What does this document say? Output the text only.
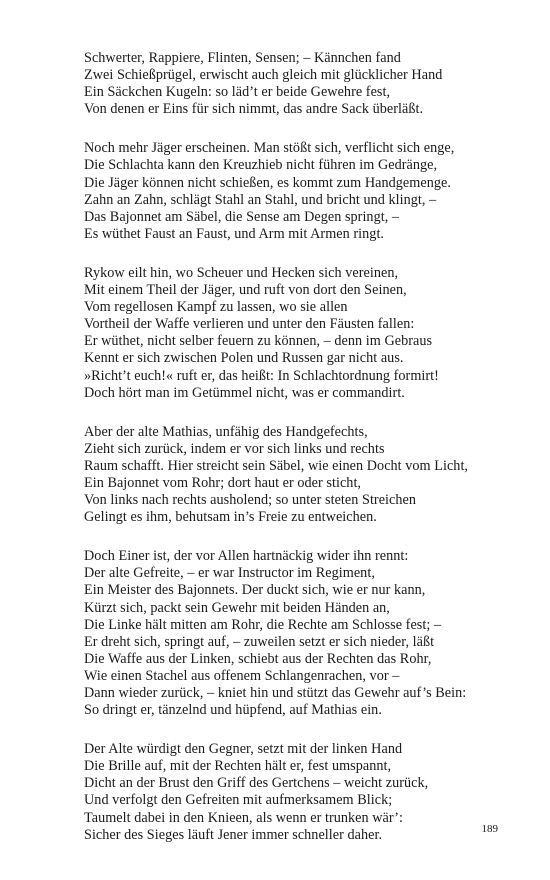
Schwerter, Rappiere, Flinten, Sensen; – Kännchen fand
Zwei Schießprügel, erwischt auch gleich mit glücklicher Hand
Ein Säckchen Kugeln: so läd’t er beide Gewehre fest,
Von denen er Eins für sich nimmt, das andre Sack überläßt.
Noch mehr Jäger erscheinen. Man stößt sich, verflicht sich enge,
Die Schlachta kann den Kreuzhieb nicht führen im Gedränge,
Die Jäger können nicht schießen, es kommt zum Handgemenge.
Zahn an Zahn, schlägt Stahl an Stahl, und bricht und klingt, –
Das Bajonnet am Säbel, die Sense am Degen springt, –
Es wüthet Faust an Faust, und Arm mit Armen ringt.
Rykow eilt hin, wo Scheuer und Hecken sich vereinen,
Mit einem Theil der Jäger, und ruft von dort den Seinen,
Vom regellosen Kampf zu lassen, wo sie allen
Vortheil der Waffe verlieren und unter den Fäusten fallen:
Er wüthet, nicht selber feuern zu können, – denn im Gebraus
Kennt er sich zwischen Polen und Russen gar nicht aus.
»Richt’t euch!« ruft er, das heißt: In Schlachtordnung formirt!
Doch hört man im Getümmel nicht, was er commandirt.
Aber der alte Mathias, unfähig des Handgefechts,
Zieht sich zurück, indem er vor sich links und rechts
Raum schafft. Hier streicht sein Säbel, wie einen Docht vom Licht,
Ein Bajonnet vom Rohr; dort haut er oder sticht,
Von links nach rechts ausholend; so unter steten Streichen
Gelingt es ihm, behutsam in’s Freie zu entweichen.
Doch Einer ist, der vor Allen hartnäckig wider ihn rennt:
Der alte Gefreite, – er war Instructor im Regiment,
Ein Meister des Bajonnets. Der duckt sich, wie er nur kann,
Kürzt sich, packt sein Gewehr mit beiden Händen an,
Die Linke hält mitten am Rohr, die Rechte am Schlosse fest; –
Er dreht sich, springt auf, – zuweilen setzt er sich nieder, läßt
Die Waffe aus der Linken, schiebt aus der Rechten das Rohr,
Wie einen Stachel aus offenem Schlangenrachen, vor –
Dann wieder zurück, – kniet hin und stützt das Gewehr auf’s Bein:
So dringt er, tänzelnd und hüpfend, auf Mathias ein.
Der Alte würdigt den Gegner, setzt mit der linken Hand
Die Brille auf, mit der Rechten hält er, fest umspannt,
Dicht an der Brust den Griff des Gertchens – weicht zurück,
Und verfolgt den Gefreiten mit aufmerksamem Blick;
Taumelt dabei in den Knieen, als wenn er trunken wär’:
Sicher des Sieges läuft Jener immer schneller daher.	189
